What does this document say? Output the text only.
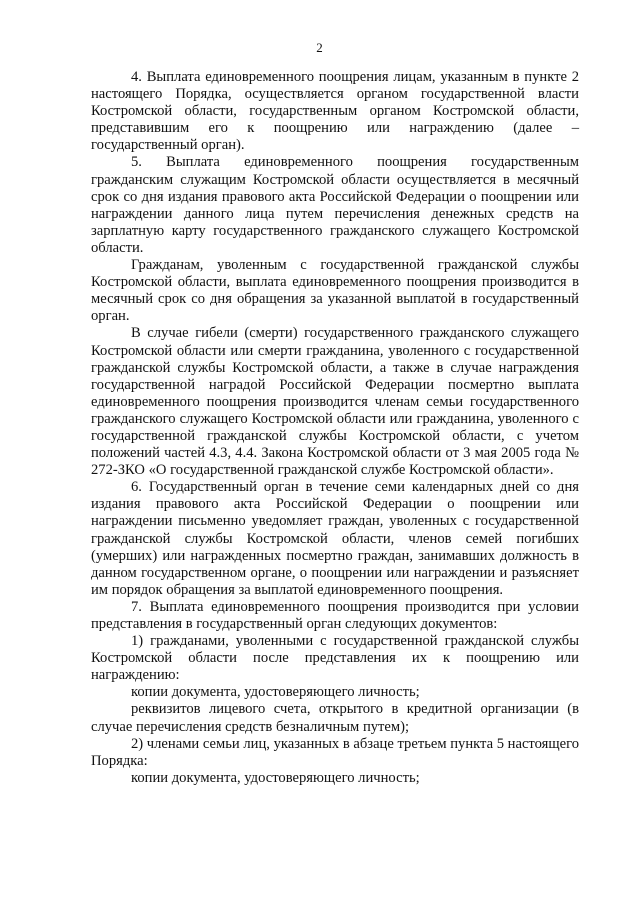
2

4. Выплата единовременного поощрения лицам, указанным в пункте 2 настоящего Порядка, осуществляется органом государственной власти Костромской области, государственным органом Костромской области, представившим его к поощрению или награждению (далее – государственный орган).

5. Выплата единовременного поощрения государственным гражданским служащим Костромской области осуществляется в месячный срок со дня издания правового акта Российской Федерации о поощрении или награждении данного лица путем перечисления денежных средств на зарплатную карту государственного гражданского служащего Костромской области.

Гражданам, уволенным с государственной гражданской службы Костромской области, выплата единовременного поощрения производится в месячный срок со дня обращения за указанной выплатой в государственный орган.

В случае гибели (смерти) государственного гражданского служащего Костромской области или смерти гражданина, уволенного с государственной гражданской службы Костромской области, а также в случае награждения государственной наградой Российской Федерации посмертно выплата единовременного поощрения производится членам семьи государственного гражданского служащего Костромской области или гражданина, уволенного с государственной гражданской службы Костромской области, с учетом положений частей 4.3, 4.4. Закона Костромской области от 3 мая 2005 года № 272-ЗКО «О государственной гражданской службе Костромской области».

6. Государственный орган в течение семи календарных дней со дня издания правового акта Российской Федерации о поощрении или награждении письменно уведомляет граждан, уволенных с государственной гражданской службы Костромской области, членов семей погибших (умерших) или награжденных посмертно граждан, занимавших должность в данном государственном органе, о поощрении или награждении и разъясняет им порядок обращения за выплатой единовременного поощрения.

7. Выплата единовременного поощрения производится при условии представления в государственный орган следующих документов:

1) гражданами, уволенными с государственной гражданской службы Костромской области после представления их к поощрению или награждению:

копии документа, удостоверяющего личность;

реквизитов лицевого счета, открытого в кредитной организации (в случае перечисления средств безналичным путем);

2) членами семьи лиц, указанных в абзаце третьем пункта 5 настоящего Порядка:

копии документа, удостоверяющего личность;
